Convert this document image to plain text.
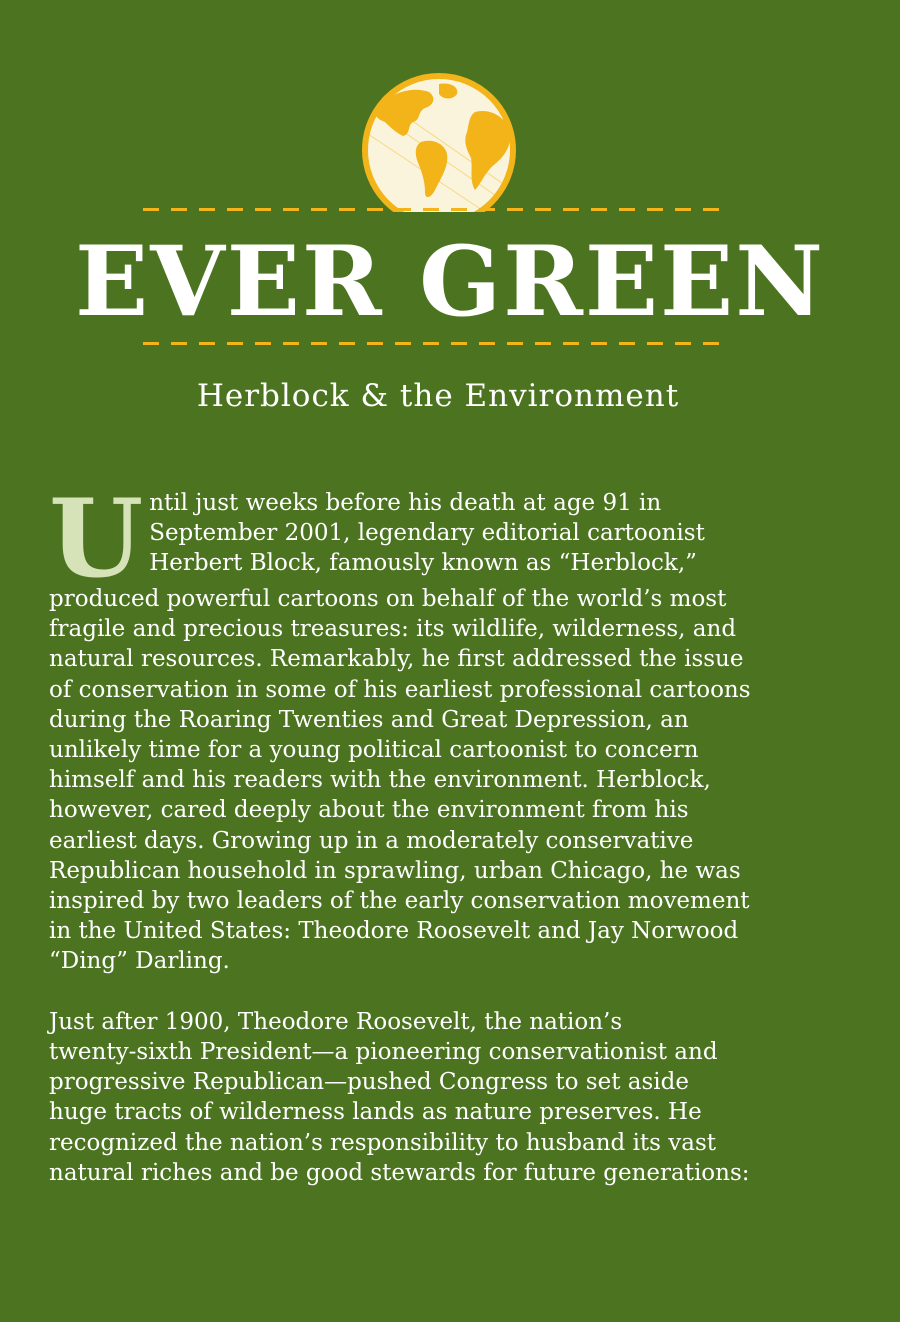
EVER GREEN
Herblock & the Environment
U ntil just weeks before his death at age 91 in

September 2001, legendary editorial cartoonist

Herbert Block, famously known as “Herblock,”

produced powerful cartoons on behalf of the world’s most

fragile and precious treasures: its wildlife, wilderness, and

natural resources. Remarkably, he first addressed the issue

of conservation in some of his earliest professional cartoons

during the Roaring Twenties and Great Depression, an

unlikely time for a young political cartoonist to concern

himself and his readers with the environment. Herblock,

however, cared deeply about the environment from his

earliest days. Growing up in a moderately conservative

Republican household in sprawling, urban Chicago, he was

inspired by two leaders of the early conservation movement

in the United States: Theodore Roosevelt and Jay Norwood

“Ding” Darling.

Just after 1900, Theodore Roosevelt, the nation’s

twenty-sixth President—a pioneering conservationist and

progressive Republican—pushed Congress to set aside

huge tracts of wilderness lands as nature preserves. He

recognized the nation’s responsibility to husband its vast

natural riches and be good stewards for future generations:
